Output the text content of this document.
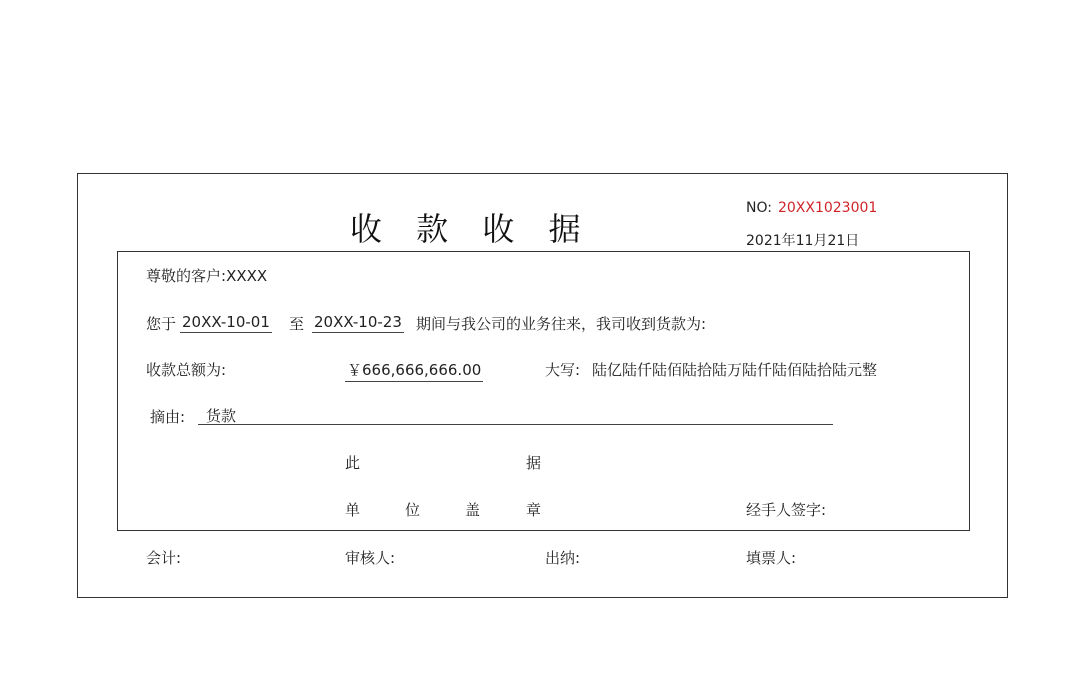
收 款 收 据
NO: 20XX1023001
2021年11月21日
尊敬的客户:XXXX
您于 20XX-10-01 至 20XX-10-23 期间与我公司的业务往来，我司收到货款为:
收款总额为:	￥666,666,666.00	大写: 陆亿陆仟陆佰陆拾陆万陆仟陆佰陆拾陆元整
摘由: 货款
此	据
单	位	盖	章	经手人签字:
会计:	审核人:	出纳:	填票人:
